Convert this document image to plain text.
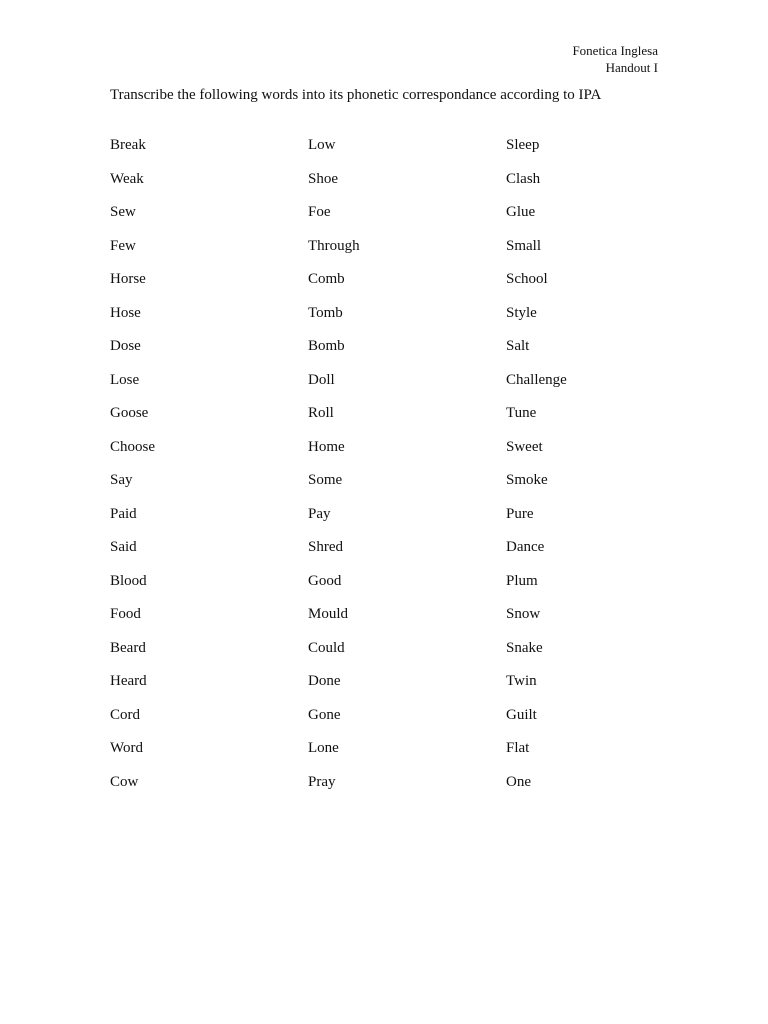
Fonetica Inglesa
Handout I
Transcribe the following words into its phonetic correspondance according to IPA
Break
Weak
Sew
Few
Horse
Hose
Dose
Lose
Goose
Choose
Say
Paid
Said
Blood
Food
Beard
Heard
Cord
Word
Cow
Low
Shoe
Foe
Through
Comb
Tomb
Bomb
Doll
Roll
Home
Some
Pay
Shred
Good
Mould
Could
Done
Gone
Lone
Pray
Sleep
Clash
Glue
Small
School
Style
Salt
Challenge
Tune
Sweet
Smoke
Pure
Dance
Plum
Snow
Snake
Twin
Guilt
Flat
One
